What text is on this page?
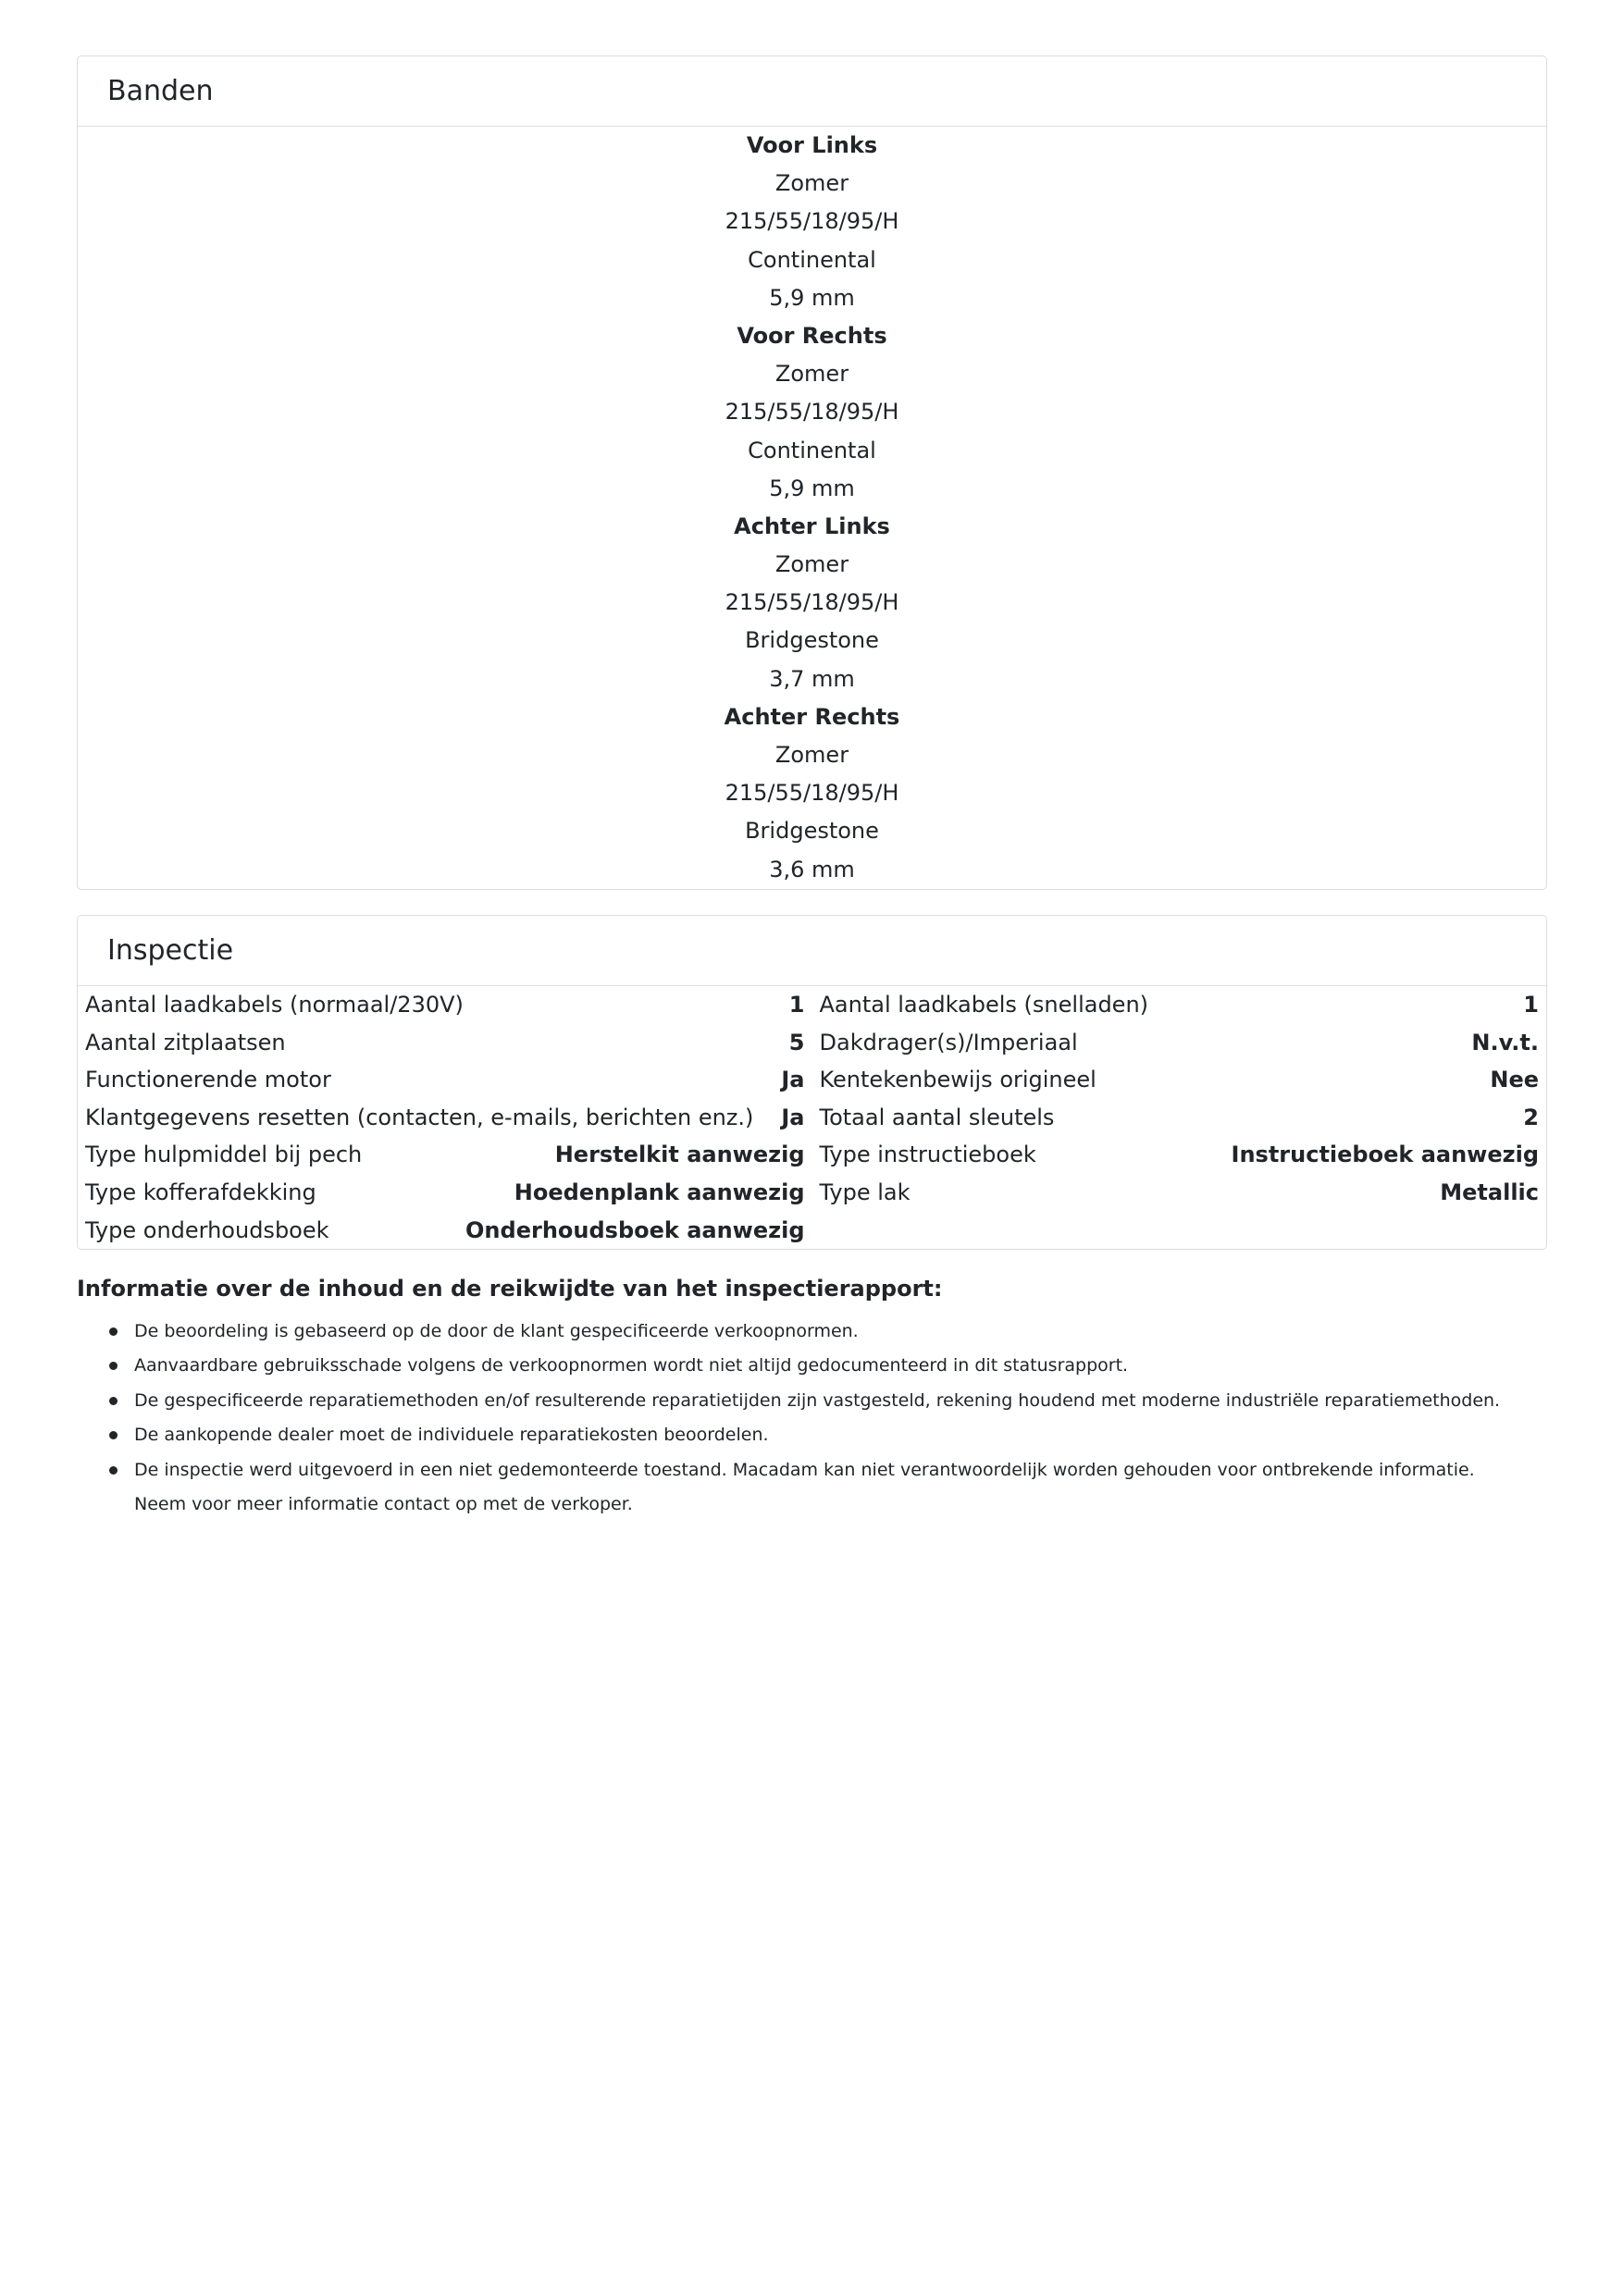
Banden
Voor Links
Zomer
215/55/18/95/H
Continental
5,9 mm
Voor Rechts
Zomer
215/55/18/95/H
Continental
5,9 mm
Achter Links
Zomer
215/55/18/95/H
Bridgestone
3,7 mm
Achter Rechts
Zomer
215/55/18/95/H
Bridgestone
3,6 mm
Inspectie
Aantal laadkabels (normaal/230V)	1
Aantal zitplaatsen	5
Functionerende motor	Ja
Klantgegevens resetten (contacten, e-mails, berichten enz.) Ja
Type hulpmiddel bij pech	Herstelkit aanwezig
Type kofferafdekking	Hoedenplank aanwezig
Type onderhoudsboek	Onderhoudsboek aanwezig
Aantal laadkabels (snelladen)	1
Dakdrager(s)/Imperiaal	N.v.t.
Kentekenbewijs origineel	Nee
Totaal aantal sleutels	2
Type instructieboek	Instructieboek aanwezig
Type lak	Metallic
Informatie over de inhoud en de reikwijdte van het inspectierapport:
De beoordeling is gebaseerd op de door de klant gespecificeerde verkoopnormen.
Aanvaardbare gebruiksschade volgens de verkoopnormen wordt niet altijd gedocumenteerd in dit statusrapport.
De gespecificeerde reparatiemethoden en/of resulterende reparatietijden zijn vastgesteld, rekening houdend met moderne industriële reparatiemethoden.
De aankopende dealer moet de individuele reparatiekosten beoordelen.
De inspectie werd uitgevoerd in een niet gedemonteerde toestand. Macadam kan niet verantwoordelijk worden gehouden voor ontbrekende informatie. Neem voor meer informatie contact op met de verkoper.
